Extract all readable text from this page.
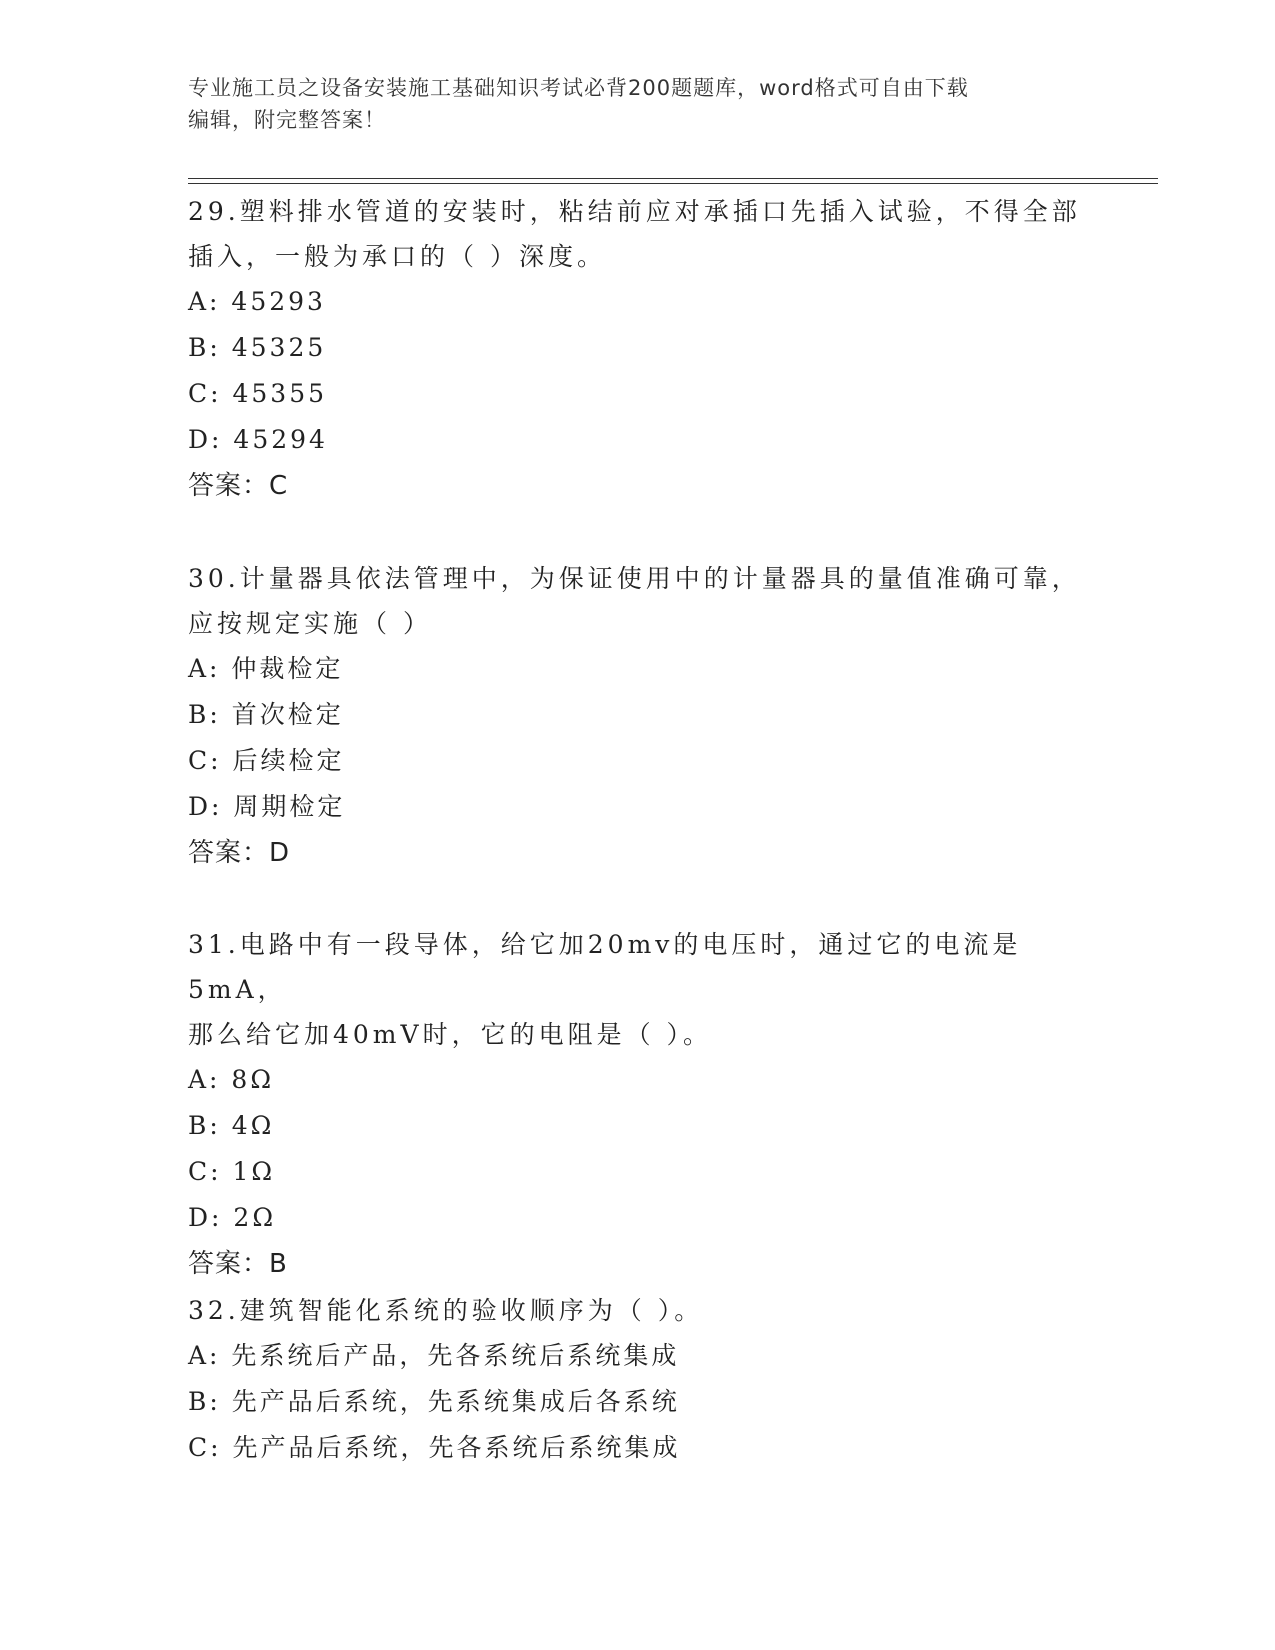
专业施工员之设备安装施工基础知识考试必背200题题库，word格式可自由下载
编辑，附完整答案！

29.塑料排水管道的安装时，粘结前应对承插口先插入试验，不得全部

插入，一般为承口的（ ）深度。

A: 45293

B: 45325

C: 45355

D: 45294

答案：C

30.计量器具依法管理中，为保证使用中的计量器具的量值准确可靠，

应按规定实施（ ）

A: 仲裁检定

B: 首次检定

C: 后续检定

D: 周期检定

答案：D

31.电路中有一段导体，给它加20mv的电压时，通过它的电流是5mA，

那么给它加40mV时，它的电阻是（ ）。

A: 8Ω

B: 4Ω

C: 1Ω

D: 2Ω

答案：B

32.建筑智能化系统的验收顺序为（ ）。

A: 先系统后产品，先各系统后系统集成

B: 先产品后系统，先系统集成后各系统

C: 先产品后系统，先各系统后系统集成
